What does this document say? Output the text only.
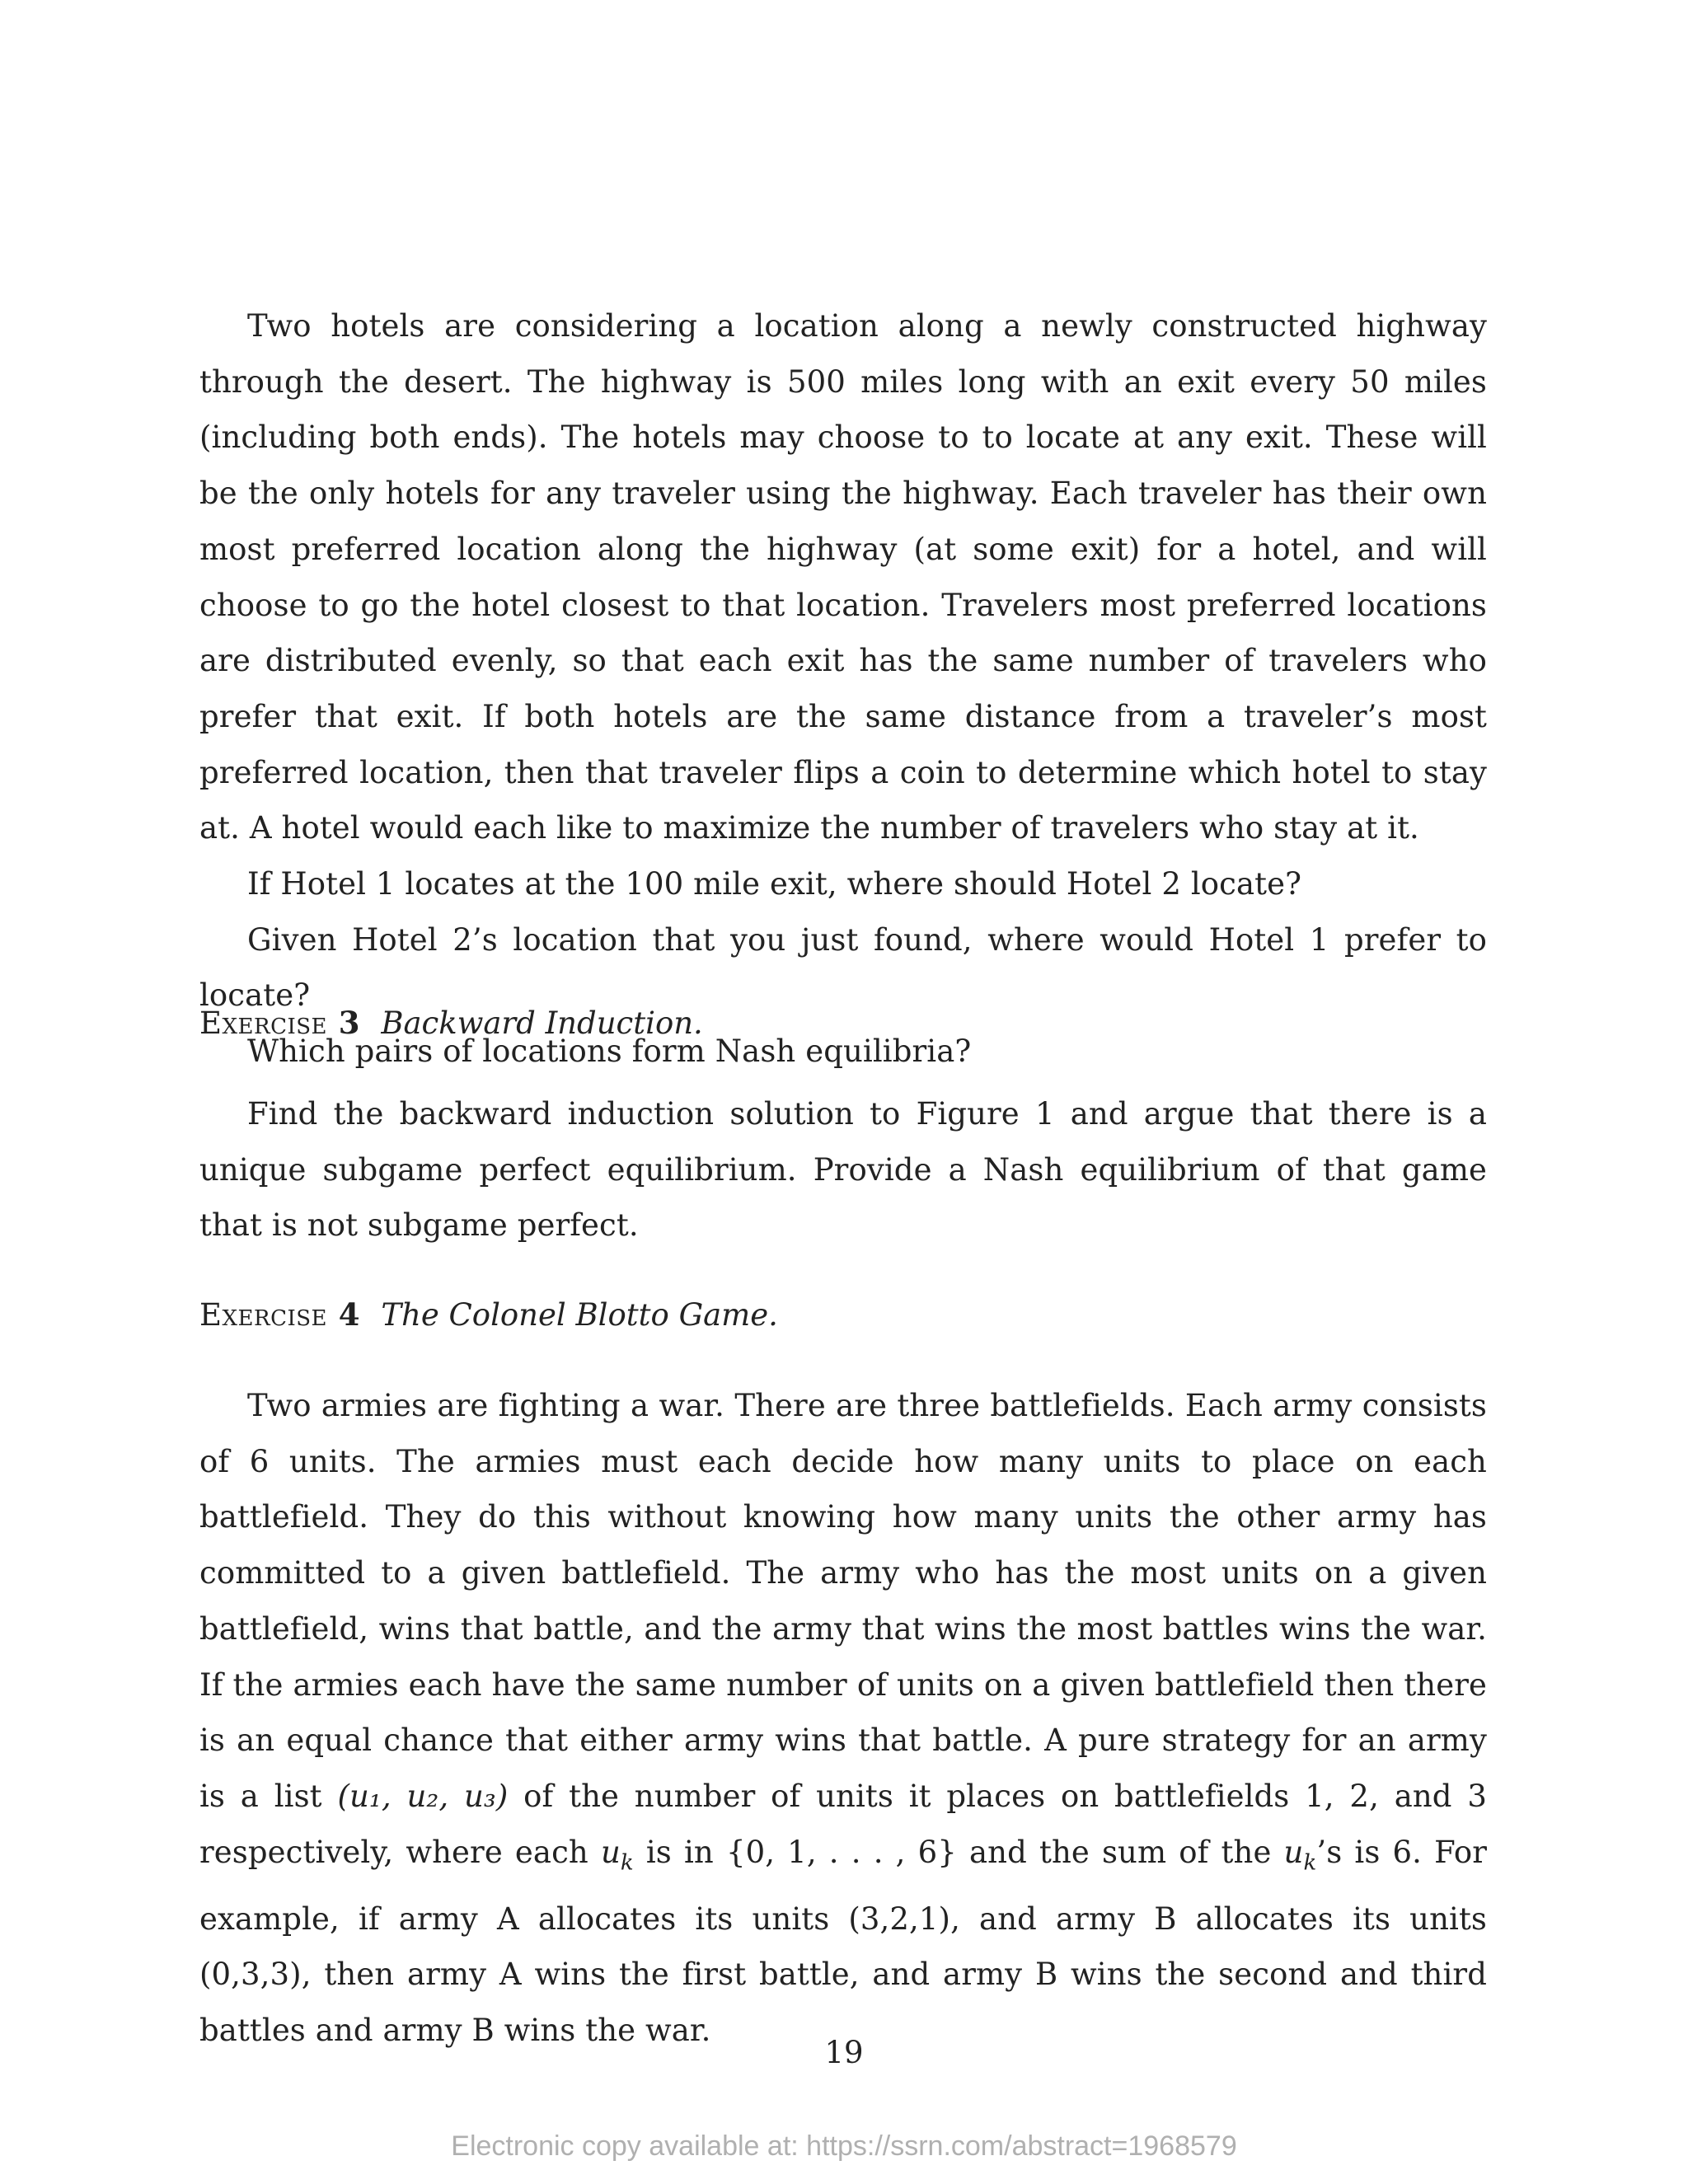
Two hotels are considering a location along a newly constructed highway through the desert. The highway is 500 miles long with an exit every 50 miles (including both ends). The hotels may choose to to locate at any exit. These will be the only hotels for any traveler using the highway. Each traveler has their own most preferred location along the highway (at some exit) for a hotel, and will choose to go the hotel closest to that location. Travelers most preferred locations are distributed evenly, so that each exit has the same number of travelers who prefer that exit. If both hotels are the same distance from a traveler’s most preferred location, then that traveler flips a coin to determine which hotel to stay at. A hotel would each like to maximize the number of travelers who stay at it.

If Hotel 1 locates at the 100 mile exit, where should Hotel 2 locate?

Given Hotel 2’s location that you just found, where would Hotel 1 prefer to locate?

Which pairs of locations form Nash equilibria?

Exercise 3 Backward Induction.

Find the backward induction solution to Figure 1 and argue that there is a unique subgame perfect equilibrium. Provide a Nash equilibrium of that game that is not subgame perfect.

Exercise 4 The Colonel Blotto Game.

Two armies are fighting a war. There are three battlefields. Each army consists of 6 units. The armies must each decide how many units to place on each battlefield. They do this without knowing how many units the other army has committed to a given battlefield. The army who has the most units on a given battlefield, wins that battle, and the army that wins the most battles wins the war. If the armies each have the same number of units on a given battlefield then there is an equal chance that either army wins that battle. A pure strategy for an army is a list (u₁, u₂, u₃) of the number of units it places on battlefields 1, 2, and 3 respectively, where each $u_k$ is in {0, 1, . . . , 6} and the sum of the $u_k’s$ is 6. For example, if army A allocates its units (3,2,1), and army B allocates its units (0,3,3), then army A wins the first battle, and army B wins the second and third battles and army B wins the war.

19
Electronic copy available at: https://ssrn.com/abstract=1968579
